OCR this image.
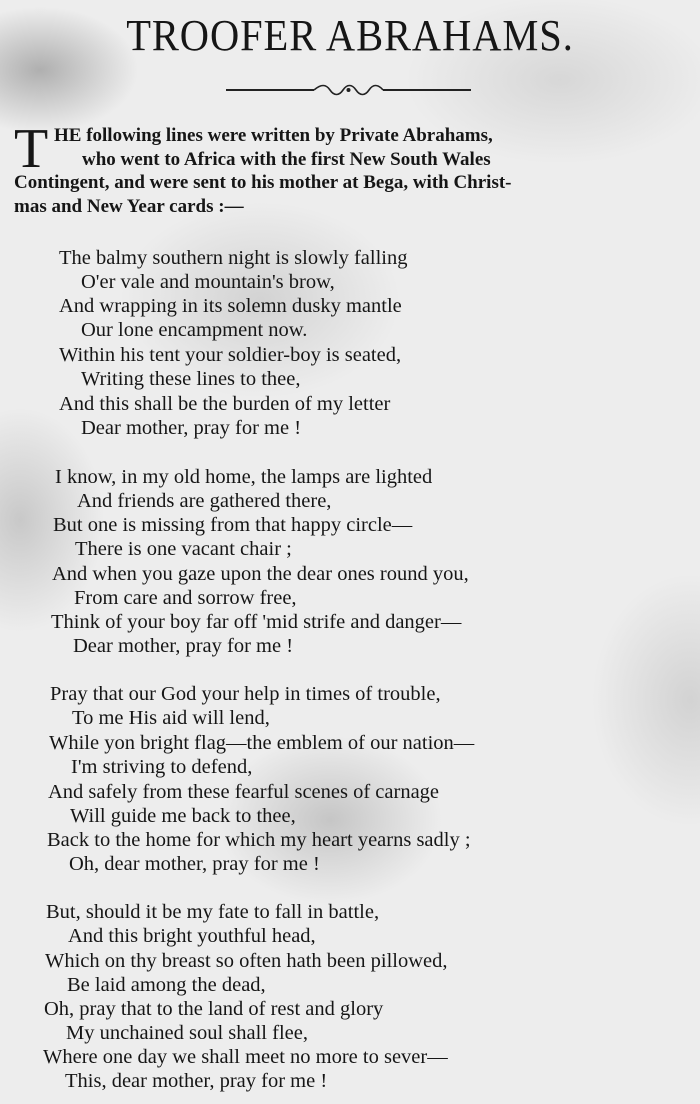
TROOFER ABRAHAMS.
T HE following lines were written by Private Abrahams,
who went to Africa with the first New South Wales
Contingent, and were sent to his mother at Bega, with Christ-
mas and New Year cards :—
The balmy southern night is slowly falling
O'er vale and mountain's brow,
And wrapping in its solemn dusky mantle
Our lone encampment now.
Within his tent your soldier-boy is seated,
Writing these lines to thee,
And this shall be the burden of my letter
Dear mother, pray for me !
I know, in my old home, the lamps are lighted
And friends are gathered there,
But one is missing from that happy circle—
There is one vacant chair ;
And when you gaze upon the dear ones round you,
From care and sorrow free,
Think of your boy far off 'mid strife and danger—
Dear mother, pray for me !
Pray that our God your help in times of trouble,
To me His aid will lend,
While yon bright flag—the emblem of our nation—
I'm striving to defend,
And safely from these fearful scenes of carnage
Will guide me back to thee,
Back to the home for which my heart yearns sadly ;
Oh, dear mother, pray for me !
But, should it be my fate to fall in battle,
And this bright youthful head,
Which on thy breast so often hath been pillowed,
Be laid among the dead,
Oh, pray that to the land of rest and glory
My unchained soul shall flee,
Where one day we shall meet no more to sever—
This, dear mother, pray for me !
